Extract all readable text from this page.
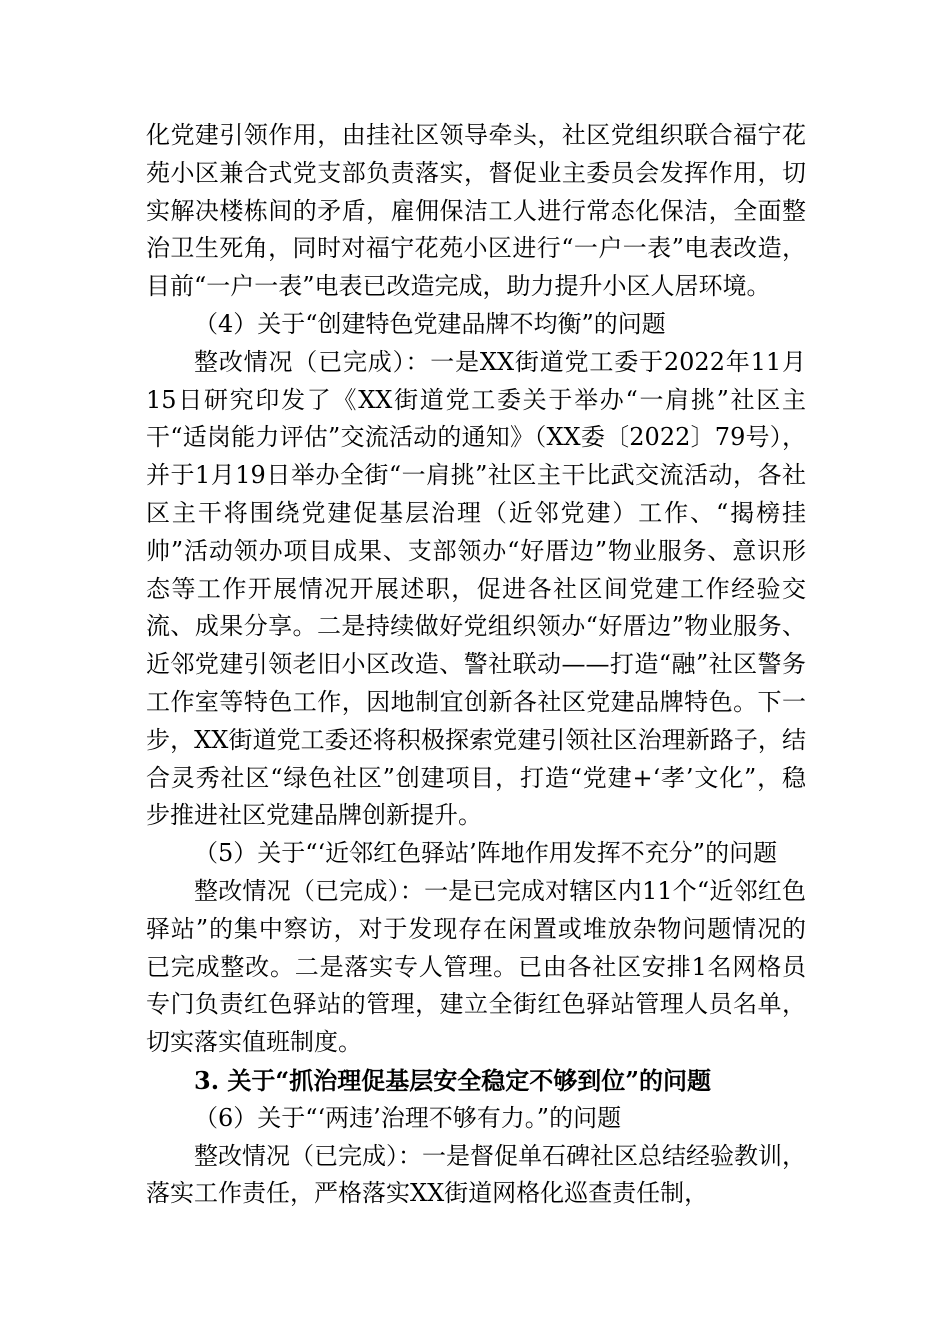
化党建引领作用，由挂社区领导牵头，社区党组织联合福宁花苑小区兼合式党支部负责落实，督促业主委员会发挥作用，切实解决楼栋间的矛盾，雇佣保洁工人进行常态化保洁，全面整治卫生死角，同时对福宁花苑小区进行“一户一表”电表改造，目前“一户一表”电表已改造完成，助力提升小区人居环境。

（4）关于“创建特色党建品牌不均衡”的问题

整改情况（已完成）：一是XX街道党工委于2022年11月15日研究印发了《XX街道党工委关于举办“一肩挑”社区主干“适岗能力评估”交流活动的通知》（XX委〔2022〕79号），并于1月19日举办全街“一肩挑”社区主干比武交流活动，各社区主干将围绕党建促基层治理（近邻党建）工作、“揭榜挂帅”活动领办项目成果、支部领办“好厝边”物业服务、意识形态等工作开展情况开展述职，促进各社区间党建工作经验交流、成果分享。二是持续做好党组织领办“好厝边”物业服务、近邻党建引领老旧小区改造、警社联动——打造“融”社区警务工作室等特色工作，因地制宜创新各社区党建品牌特色。下一步，XX街道党工委还将积极探索党建引领社区治理新路子，结合灵秀社区“绿色社区”创建项目，打造“党建+‘孝’文化”，稳步推进社区党建品牌创新提升。

（5）关于“‘近邻红色驿站’阵地作用发挥不充分”的问题

整改情况（已完成）：一是已完成对辖区内11个“近邻红色驿站”的集中察访，对于发现存在闲置或堆放杂物问题情况的已完成整改。二是落实专人管理。已由各社区安排1名网格员专门负责红色驿站的管理，建立全街红色驿站管理人员名单，切实落实值班制度。

3. 关于“抓治理促基层安全稳定不够到位”的问题

（6）关于“‘两违’治理不够有力。”的问题

整改情况（已完成）：一是督促单石碑社区总结经验教训，落实工作责任，严格落实XX街道网格化巡查责任制，
